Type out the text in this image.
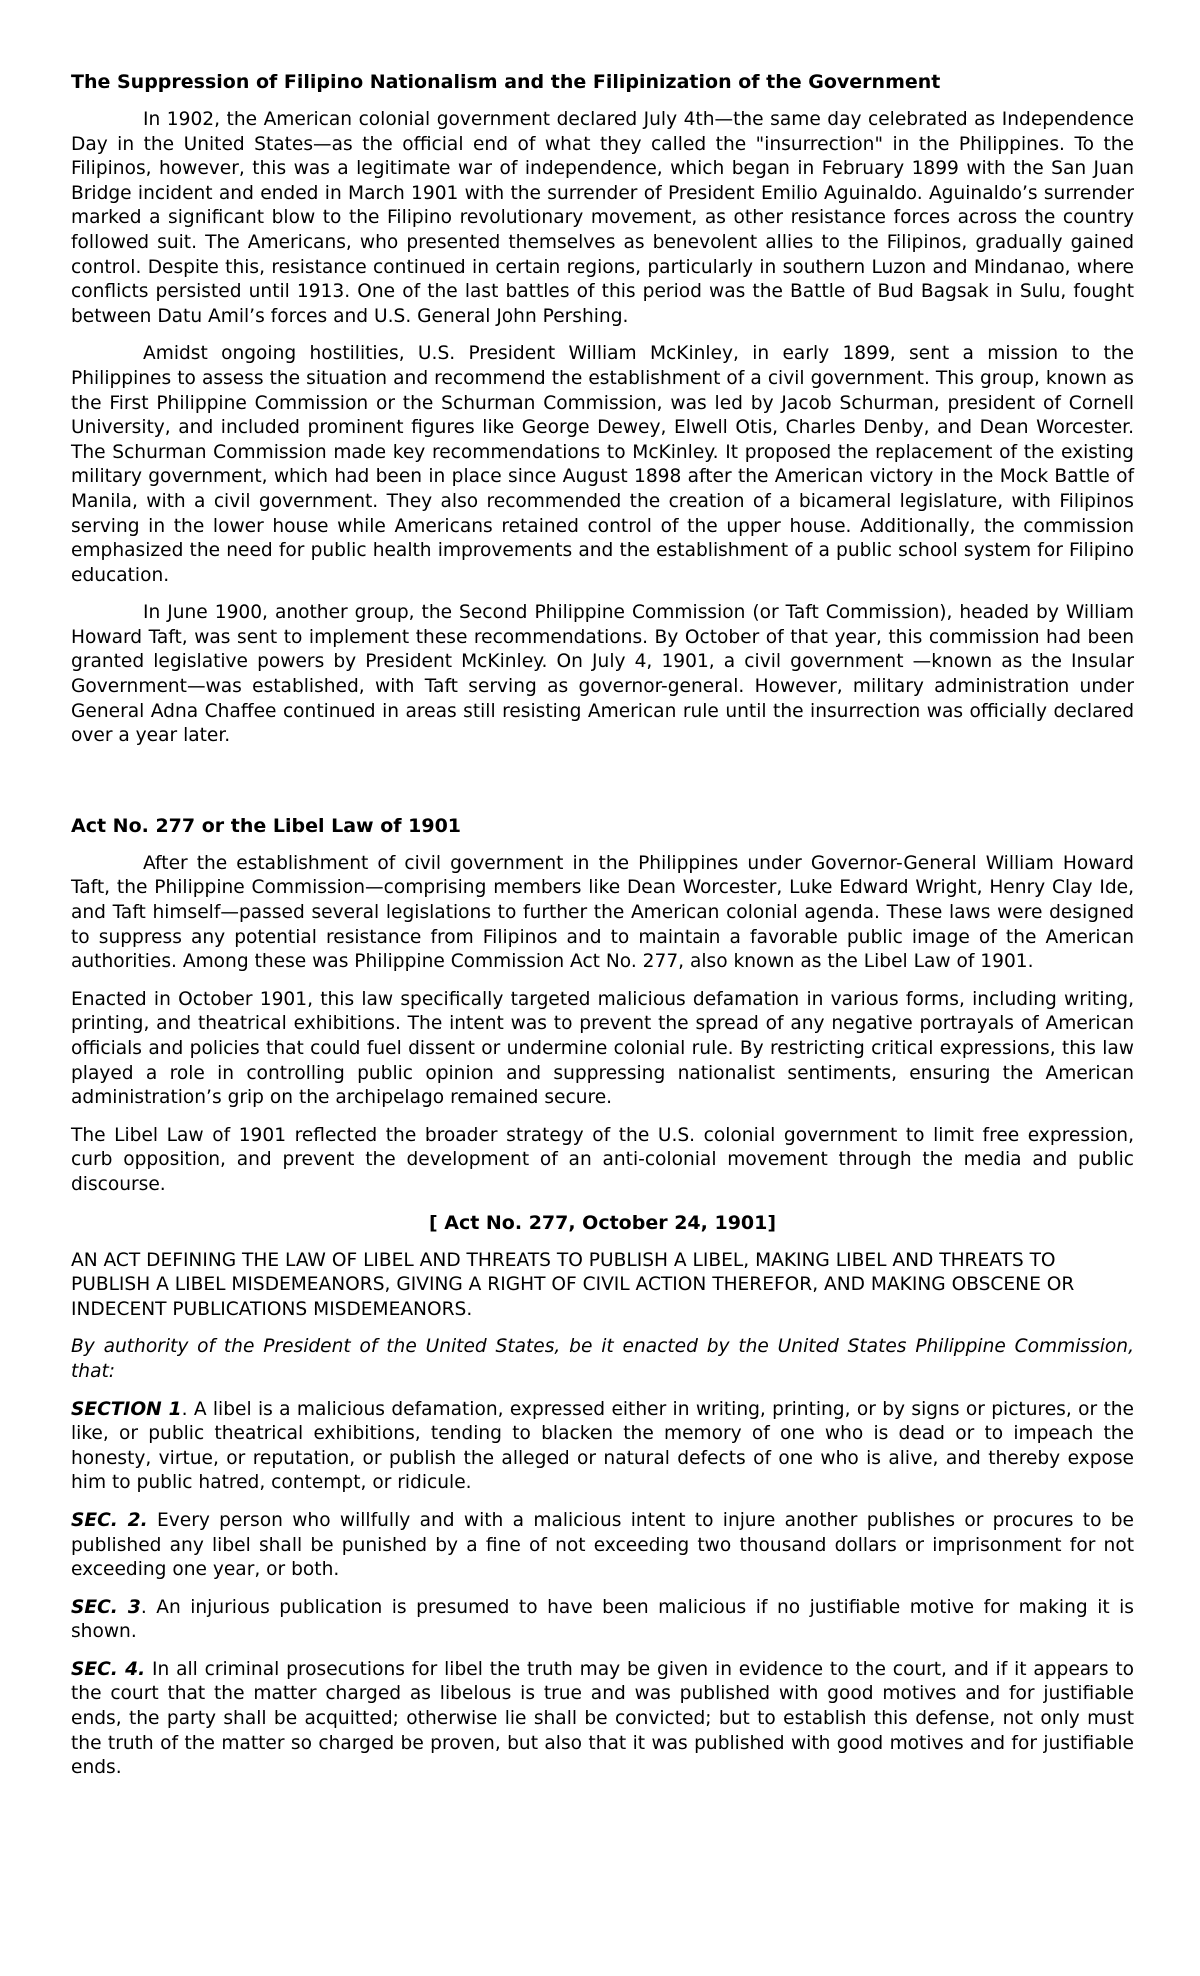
The Suppression of Filipino Nationalism and the Filipinization of the Government

In 1902, the American colonial government declared July 4th—the same day celebrated as Independence Day in the United States—as the official end of what they called the "insurrection" in the Philippines. To the Filipinos, however, this was a legitimate war of independence, which began in February 1899 with the San Juan Bridge incident and ended in March 1901 with the surrender of President Emilio Aguinaldo. Aguinaldo’s surrender marked a significant blow to the Filipino revolutionary movement, as other resistance forces across the country followed suit. The Americans, who presented themselves as benevolent allies to the Filipinos, gradually gained control. Despite this, resistance continued in certain regions, particularly in southern Luzon and Mindanao, where conflicts persisted until 1913. One of the last battles of this period was the Battle of Bud Bagsak in Sulu, fought between Datu Amil’s forces and U.S. General John Pershing.

Amidst ongoing hostilities, U.S. President William McKinley, in early 1899, sent a mission to the Philippines to assess the situation and recommend the establishment of a civil government. This group, known as the First Philippine Commission or the Schurman Commission, was led by Jacob Schurman, president of Cornell University, and included prominent figures like George Dewey, Elwell Otis, Charles Denby, and Dean Worcester. The Schurman Commission made key recommendations to McKinley. It proposed the replacement of the existing military government, which had been in place since August 1898 after the American victory in the Mock Battle of Manila, with a civil government. They also recommended the creation of a bicameral legislature, with Filipinos serving in the lower house while Americans retained control of the upper house. Additionally, the commission emphasized the need for public health improvements and the establishment of a public school system for Filipino education.

In June 1900, another group, the Second Philippine Commission (or Taft Commission), headed by William Howard Taft, was sent to implement these recommendations. By October of that year, this commission had been granted legislative powers by President McKinley. On July 4, 1901, a civil government —known as the Insular Government—was established, with Taft serving as governor-general. However, military administration under General Adna Chaffee continued in areas still resisting American rule until the insurrection was officially declared over a year later.

Act No. 277 or the Libel Law of 1901

After the establishment of civil government in the Philippines under Governor-General William Howard Taft, the Philippine Commission—comprising members like Dean Worcester, Luke Edward Wright, Henry Clay Ide, and Taft himself—passed several legislations to further the American colonial agenda. These laws were designed to suppress any potential resistance from Filipinos and to maintain a favorable public image of the American authorities. Among these was Philippine Commission Act No. 277, also known as the Libel Law of 1901.

Enacted in October 1901, this law specifically targeted malicious defamation in various forms, including writing, printing, and theatrical exhibitions. The intent was to prevent the spread of any negative portrayals of American officials and policies that could fuel dissent or undermine colonial rule. By restricting critical expressions, this law played a role in controlling public opinion and suppressing nationalist sentiments, ensuring the American administration’s grip on the archipelago remained secure.

The Libel Law of 1901 reflected the broader strategy of the U.S. colonial government to limit free expression, curb opposition, and prevent the development of an anti-colonial movement through the media and public discourse.

[ Act No. 277, October 24, 1901]

AN ACT DEFINING THE LAW OF LIBEL AND THREATS TO PUBLISH A LIBEL, MAKING LIBEL AND THREATS TO PUBLISH A LIBEL MISDEMEANORS, GIVING A RIGHT OF CIVIL ACTION THEREFOR, AND MAKING OBSCENE OR INDECENT PUBLICATIONS MISDEMEANORS.

By authority of the President of the United States, be it enacted by the United States Philippine Commission, that:

SECTION 1. A libel is a malicious defamation, expressed either in writing, printing, or by signs or pictures, or the like, or public theatrical exhibitions, tending to blacken the memory of one who is dead or to impeach the honesty, virtue, or reputation, or publish the alleged or natural defects of one who is alive, and thereby expose him to public hatred, contempt, or ridicule.

SEC. 2. Every person who willfully and with a malicious intent to injure another publishes or procures to be published any libel shall be punished by a fine of not exceeding two thousand dollars or imprisonment for not exceeding one year, or both.

SEC. 3. An injurious publication is presumed to have been malicious if no justifiable motive for making it is shown.

SEC. 4. In all criminal prosecutions for libel the truth may be given in evidence to the court, and if it appears to the court that the matter charged as libelous is true and was published with good motives and for justifiable ends, the party shall be acquitted; otherwise lie shall be convicted; but to establish this defense, not only must the truth of the matter so charged be proven, but also that it was published with good motives and for justifiable ends.
